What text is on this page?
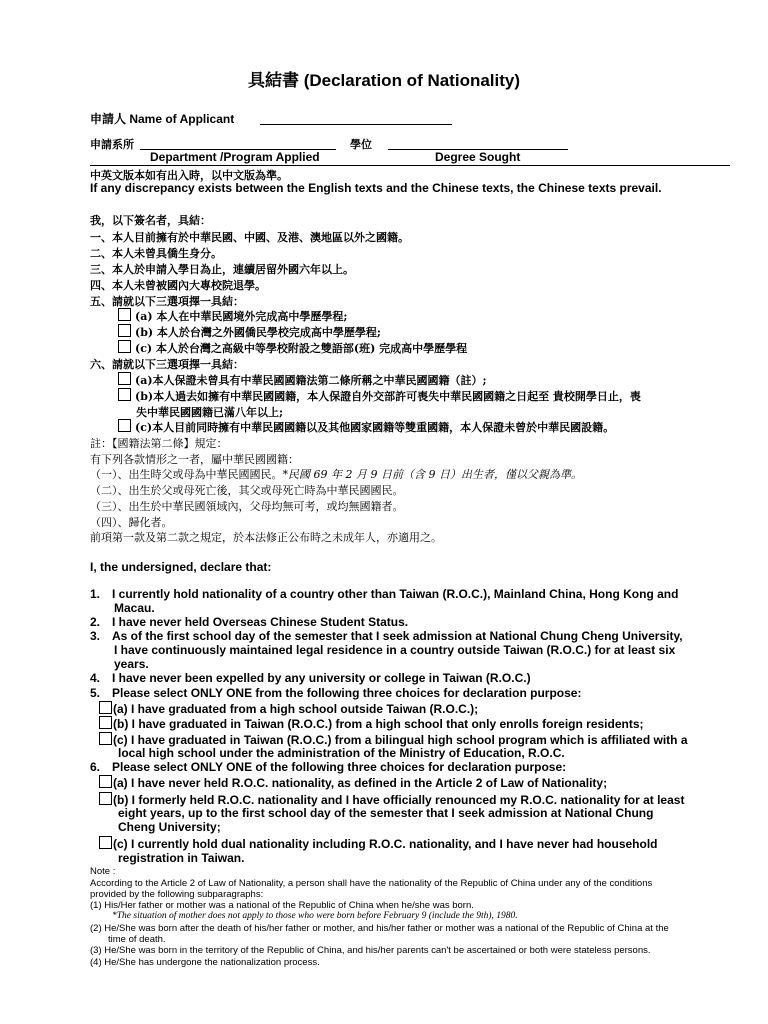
具結書 (Declaration of Nationality)
申請人 Name of Applicant
申請系所	學位
Department /Program Applied	Degree Sought
中英文版本如有出入時，以中文版為準。
If any discrepancy exists between the English texts and the Chinese texts, the Chinese texts prevail.
我，以下簽名者，具結：
一、本人目前擁有於中華民國、中國、及港、澳地區以外之國籍。
二、本人未曾具僑生身分。
三、本人於申請入學日為止，連續居留外國六年以上。
四、本人未曾被國內大專校院退學。
五、請就以下三選項擇一具結：
(a) 本人在中華民國境外完成高中學歷學程;
(b) 本人於台灣之外國僑民學校完成高中學歷學程;
(c) 本人於台灣之高級中等學校附設之雙語部(班) 完成高中學歷學程
六、請就以下三選項擇一具結：
(a)本人保證未曾具有中華民國國籍法第二條所稱之中華民國國籍（註）;
(b)本人過去如擁有中華民國國籍，本人保證自外交部許可喪失中華民國國籍之日起至 貴校開學日止，喪
失中華民國國籍已滿八年以上;
(c)本人目前同時擁有中華民國國籍以及其他國家國籍等雙重國籍，本人保證未曾於中華民國設籍。
註：【國籍法第二條】規定：
有下列各款情形之一者，屬中華民國國籍：
（一）、出生時父或母為中華民國國民。*民國 69 年 2 月 9 日前（含 9 日）出生者，僅以父親為準。
（二）、出生於父或母死亡後，其父或母死亡時為中華民國國民。
（三）、出生於中華民國領域內，父母均無可考，或均無國籍者。
（四）、歸化者。
前項第一款及第二款之規定，於本法修正公布時之未成年人，亦適用之。
I, the undersigned, declare that:
1. I currently hold nationality of a country other than Taiwan (R.O.C.), Mainland China, Hong Kong and
Macau.
2. I have never held Overseas Chinese Student Status.
3. As of the first school day of the semester that I seek admission at National Chung Cheng University,
I have continuously maintained legal residence in a country outside Taiwan (R.O.C.) for at least six
years.
4. I have never been expelled by any university or college in Taiwan (R.O.C.)
5. Please select ONLY ONE from the following three choices for declaration purpose:
(a) I have graduated from a high school outside Taiwan (R.O.C.);
(b) I have graduated in Taiwan (R.O.C.) from a high school that only enrolls foreign residents;
(c) I have graduated in Taiwan (R.O.C.) from a bilingual high school program which is affiliated with a
local high school under the administration of the Ministry of Education, R.O.C.
6. Please select ONLY ONE of the following three choices for declaration purpose:
(a) I have never held R.O.C. nationality, as defined in the Article 2 of Law of Nationality;
(b) I formerly held R.O.C. nationality and I have officially renounced my R.O.C. nationality for at least
eight years, up to the first school day of the semester that I seek admission at National Chung
Cheng University;
(c) I currently hold dual nationality including R.O.C. nationality, and I have never had household
registration in Taiwan.
Note :
According to the Article 2 of Law of Nationality, a person shall have the nationality of the Republic of China under any of the conditions
provided by the following subparagraphs:
(1) His/Her father or mother was a national of the Republic of China when he/she was born.
*The situation of mother does not apply to those who were born before February 9 (include the 9th), 1980.
(2) He/She was born after the death of his/her father or mother, and his/her father or mother was a national of the Republic of China at the
time of death.
(3) He/She was born in the territory of the Republic of China, and his/her parents can't be ascertained or both were stateless persons.
(4) He/She has undergone the nationalization process.
